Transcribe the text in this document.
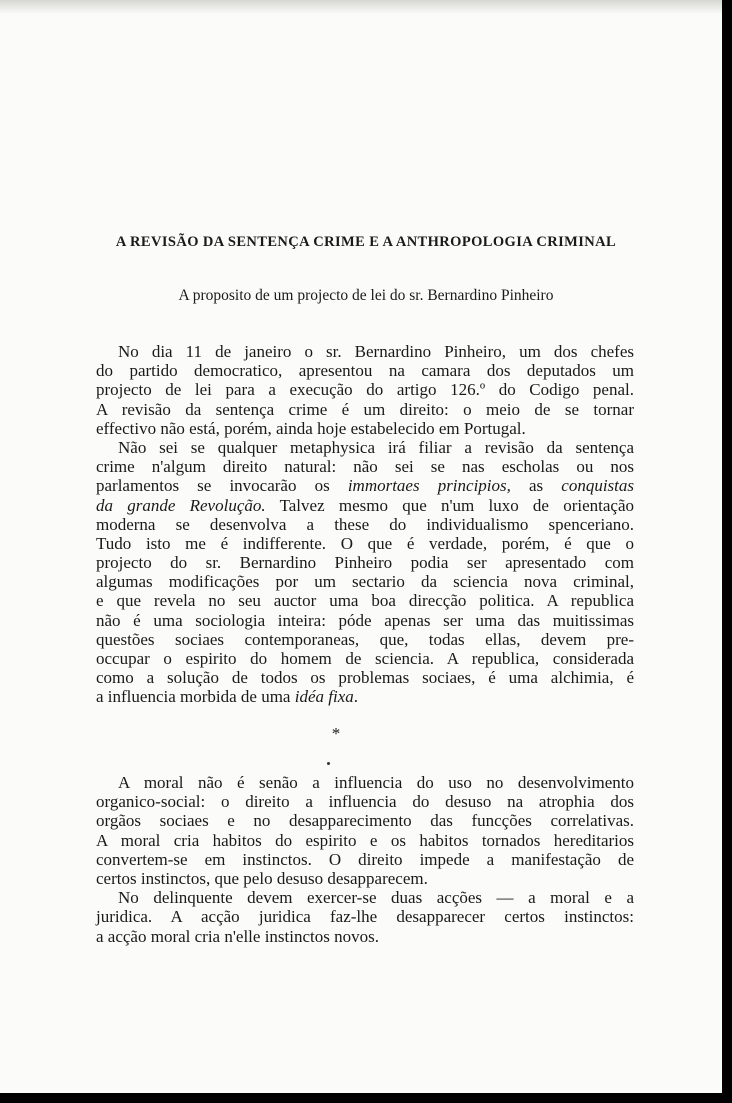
A REVISÃO DA SENTENÇA CRIME E A ANTHROPOLOGIA CRIMINAL
A proposito de um projecto de lei do sr. Bernardino Pinheiro
No dia 11 de janeiro o sr. Bernardino Pinheiro, um dos chefes
do partido democratico, apresentou na camara dos deputados um
projecto de lei para a execução do artigo 126.º do Codigo penal.
A revisão da sentença crime é um direito: o meio de se tornar
effectivo não está, porém, ainda hoje estabelecido em Portugal.
Não sei se qualquer metaphysica irá filiar a revisão da sentença
crime n'algum direito natural: não sei se nas escholas ou nos
parlamentos se invocarão os immortaes principios, as conquistas
da grande Revolução. Talvez mesmo que n'um luxo de orientação
moderna se desenvolva a these do individualismo spenceriano.
Tudo isto me é indifferente. O que é verdade, porém, é que o
projecto do sr. Bernardino Pinheiro podia ser apresentado com
algumas modificações por um sectario da sciencia nova criminal,
e que revela no seu auctor uma boa direcção politica. A republica
não é uma sociologia inteira: póde apenas ser uma das muitissimas
questões sociaes contemporaneas, que, todas ellas, devem pre-
occupar o espirito do homem de sciencia. A republica, considerada
como a solução de todos os problemas sociaes, é uma alchimia, é
a influencia morbida de uma idéa fixa.
*
A moral não é senão a influencia do uso no desenvolvimento
organico-social: o direito a influencia do desuso na atrophia dos
orgãos sociaes e no desapparecimento das funcções correlativas.
A moral cria habitos do espirito e os habitos tornados hereditarios
convertem-se em instinctos. O direito impede a manifestação de
certos instinctos, que pelo desuso desapparecem.
No delinquente devem exercer-se duas acções — a moral e a
juridica. A acção juridica faz-lhe desapparecer certos instinctos:
a acção moral cria n'elle instinctos novos.
